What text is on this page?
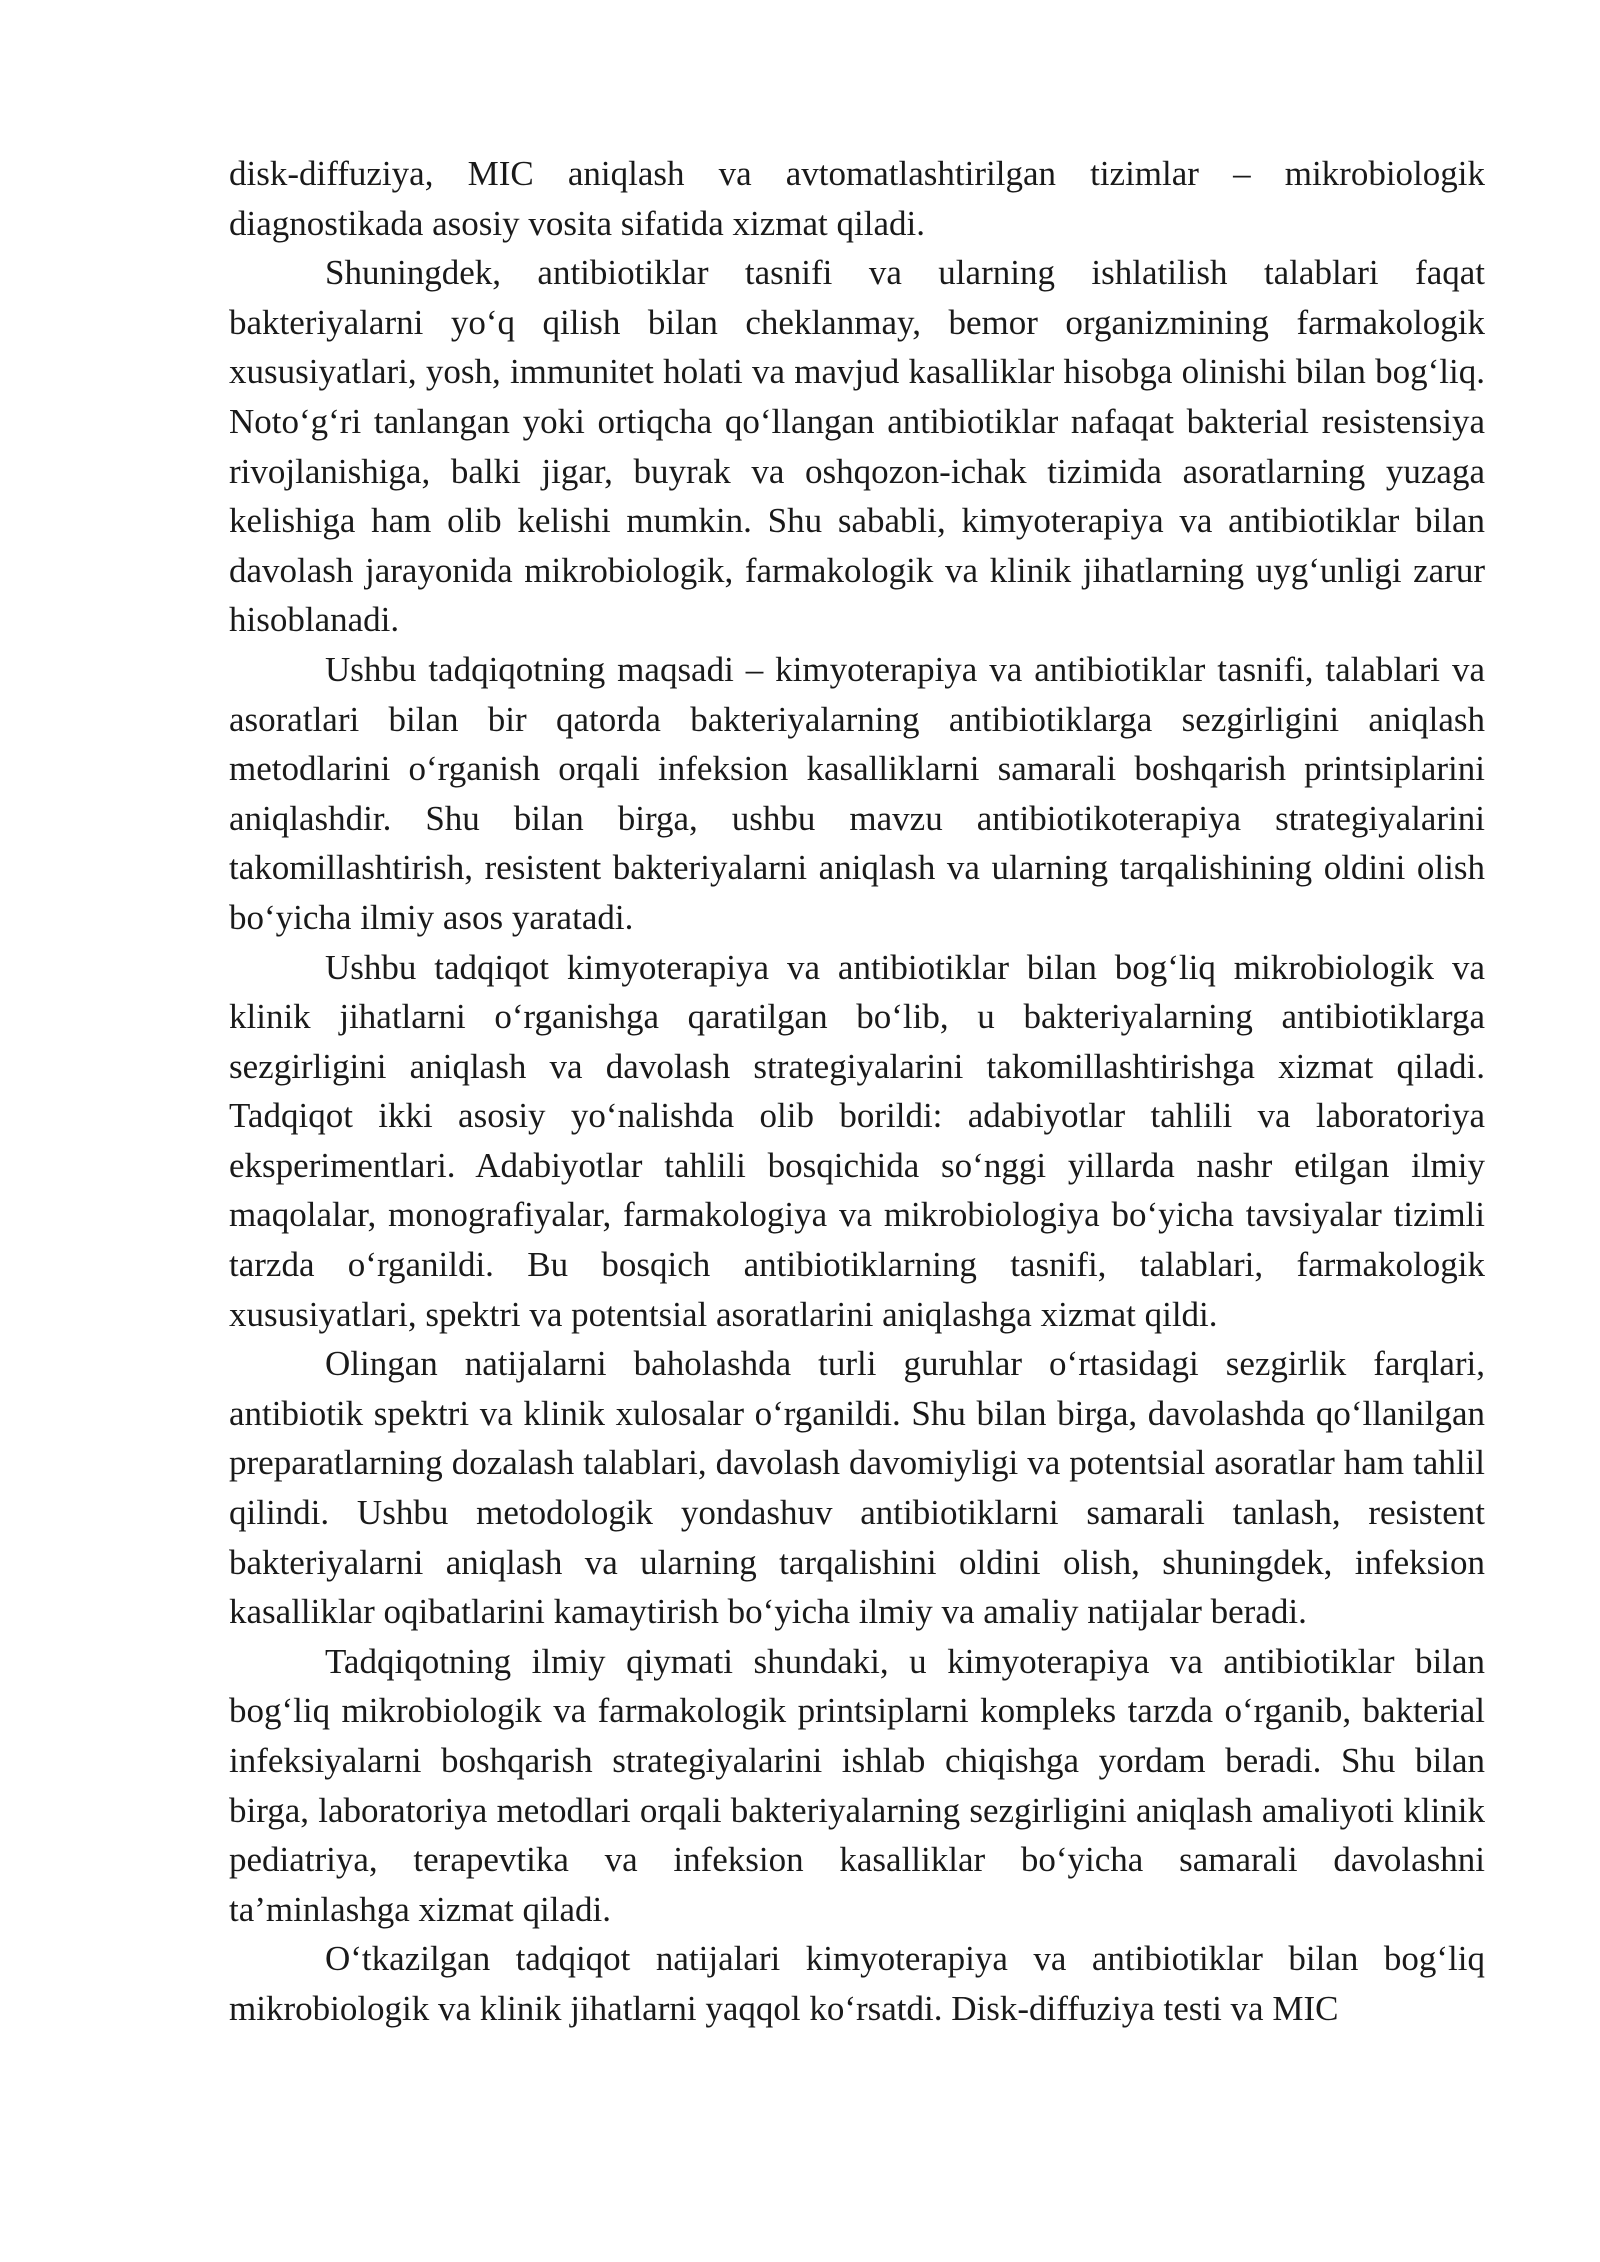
disk-diffuziya, MIC aniqlash va avtomatlashtirilgan tizimlar – mikrobiologik diagnostikada asosiy vosita sifatida xizmat qiladi.

Shuningdek, antibiotiklar tasnifi va ularning ishlatilish talablari faqat bakteriyalarni yo‘q qilish bilan cheklanmay, bemor organizmining farmakologik xususiyatlari, yosh, immunitet holati va mavjud kasalliklar hisobga olinishi bilan bog‘liq. Noto‘g‘ri tanlangan yoki ortiqcha qo‘llangan antibiotiklar nafaqat bakterial resistensiya rivojlanishiga, balki jigar, buyrak va oshqozon-ichak tizimida asoratlarning yuzaga kelishiga ham olib kelishi mumkin. Shu sababli, kimyoterapiya va antibiotiklar bilan davolash jarayonida mikrobiologik, farmakologik va klinik jihatlarning uyg‘unligi zarur hisoblanadi.

Ushbu tadqiqotning maqsadi – kimyoterapiya va antibiotiklar tasnifi, talablari va asoratlari bilan bir qatorda bakteriyalarning antibiotiklarga sezgirligini aniqlash metodlarini o‘rganish orqali infeksion kasalliklarni samarali boshqarish printsiplarini aniqlashdir. Shu bilan birga, ushbu mavzu antibiotikoterapiya strategiyalarini takomillashtirish, resistent bakteriyalarni aniqlash va ularning tarqalishining oldini olish bo‘yicha ilmiy asos yaratadi.

Ushbu tadqiqot kimyoterapiya va antibiotiklar bilan bog‘liq mikrobiologik va klinik jihatlarni o‘rganishga qaratilgan bo‘lib, u bakteriyalarning antibiotiklarga sezgirligini aniqlash va davolash strategiyalarini takomillashtirishga xizmat qiladi. Tadqiqot ikki asosiy yo‘nalishda olib borildi: adabiyotlar tahlili va laboratoriya eksperimentlari. Adabiyotlar tahlili bosqichida so‘nggi yillarda nashr etilgan ilmiy maqolalar, monografiyalar, farmakologiya va mikrobiologiya bo‘yicha tavsiyalar tizimli tarzda o‘rganildi. Bu bosqich antibiotiklarning tasnifi, talablari, farmakologik xususiyatlari, spektri va potentsial asoratlarini aniqlashga xizmat qildi.

Olingan natijalarni baholashda turli guruhlar o‘rtasidagi sezgirlik farqlari, antibiotik spektri va klinik xulosalar o‘rganildi. Shu bilan birga, davolashda qo‘llanilgan preparatlarning dozalash talablari, davolash davomiyligi va potentsial asoratlar ham tahlil qilindi. Ushbu metodologik yondashuv antibiotiklarni samarali tanlash, resistent bakteriyalarni aniqlash va ularning tarqalishini oldini olish, shuningdek, infeksion kasalliklar oqibatlarini kamaytirish bo‘yicha ilmiy va amaliy natijalar beradi.

Tadqiqotning ilmiy qiymati shundaki, u kimyoterapiya va antibiotiklar bilan bog‘liq mikrobiologik va farmakologik printsiplarni kompleks tarzda o‘rganib, bakterial infeksiyalarni boshqarish strategiyalarini ishlab chiqishga yordam beradi. Shu bilan birga, laboratoriya metodlari orqali bakteriyalarning sezgirligini aniqlash amaliyoti klinik pediatriya, terapevtika va infeksion kasalliklar bo‘yicha samarali davolashni ta’minlashga xizmat qiladi.

O‘tkazilgan tadqiqot natijalari kimyoterapiya va antibiotiklar bilan bog‘liq mikrobiologik va klinik jihatlarni yaqqol ko‘rsatdi. Disk-diffuziya testi va MIC
